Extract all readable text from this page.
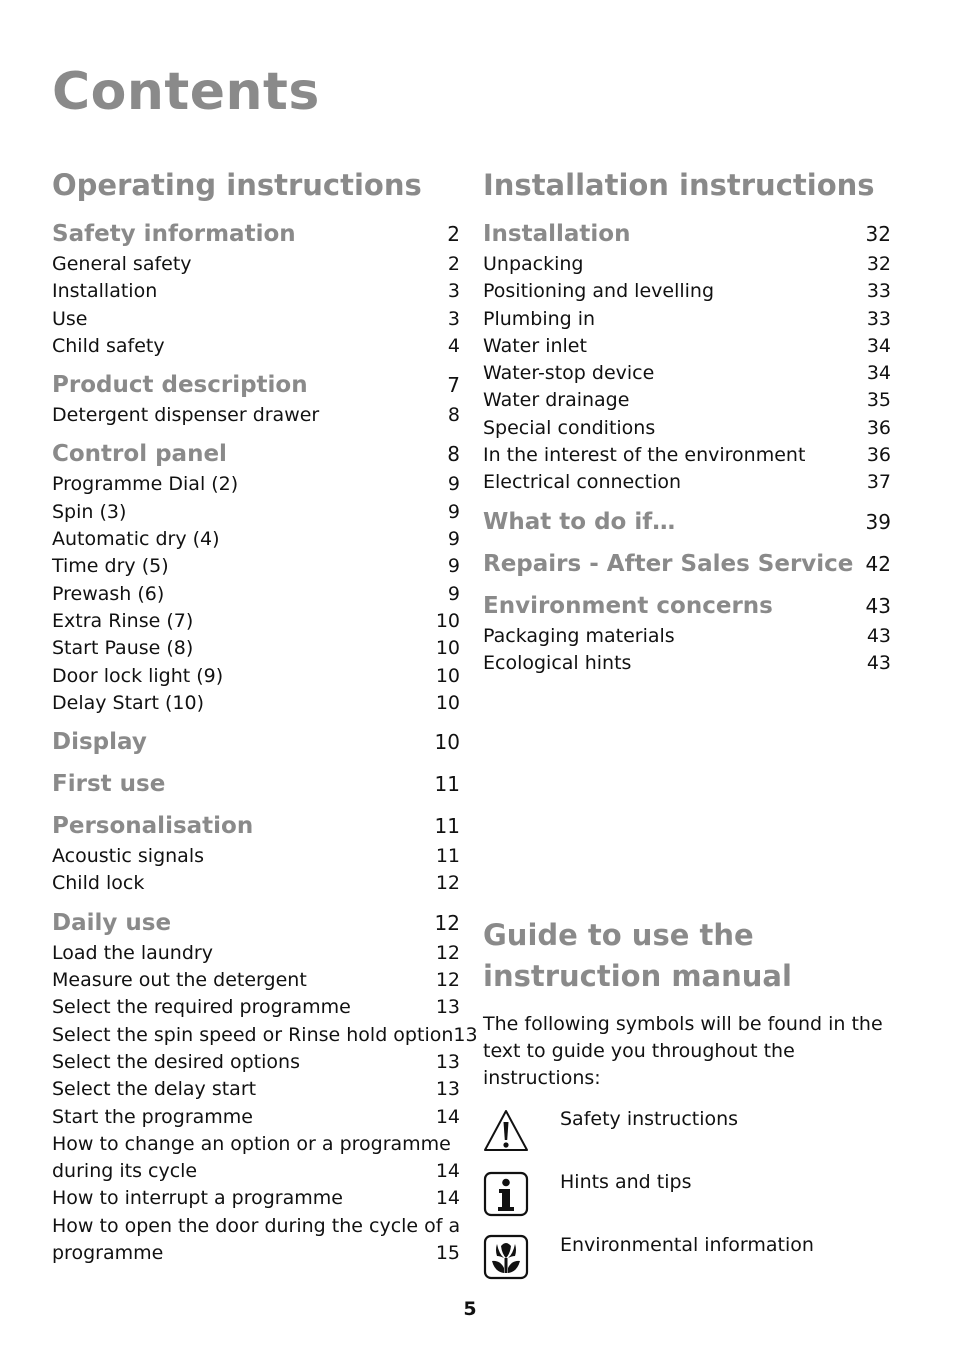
Contents
Operating instructions
Safety information	2
General safety	2
Installation	3
Use	3
Child safety	4
Product description	7
Detergent dispenser drawer	8
Control panel	8
Programme Dial (2)	9
Spin (3)	9
Automatic dry (4)	9
Time dry (5)	9
Prewash (6)	9
Extra Rinse (7)	10
Start Pause (8)	10
Door lock light (9)	10
Delay Start (10)	10
Display	10
First use	11
Personalisation	11
Acoustic signals	11
Child lock	12
Daily use	12
Load the laundry	12
Measure out the detergent	12
Select the required programme	13
Select the spin speed or Rinse hold option 13
Select the desired options	13
Select the delay start	13
Start the programme	14
How to change an option or a programme
during its cycle	14
How to interrupt a programme	14
How to open the door during the cycle of a
programme	15
Installation instructions
Installation	32
Unpacking	32
Positioning and levelling	33
Plumbing in	33
Water inlet	34
Water-stop device	34
Water drainage	35
Special conditions	36
In the interest of the environment	36
Electrical connection	37
What to do if…	39
Repairs - After Sales Service 42
Environment concerns	43
Packaging materials	43
Ecological hints	43
Guide to use the
instruction manual
The following symbols will be found in the
text to guide you throughout the instructions:
Safety instructions
Hints and tips
Environmental information
5
